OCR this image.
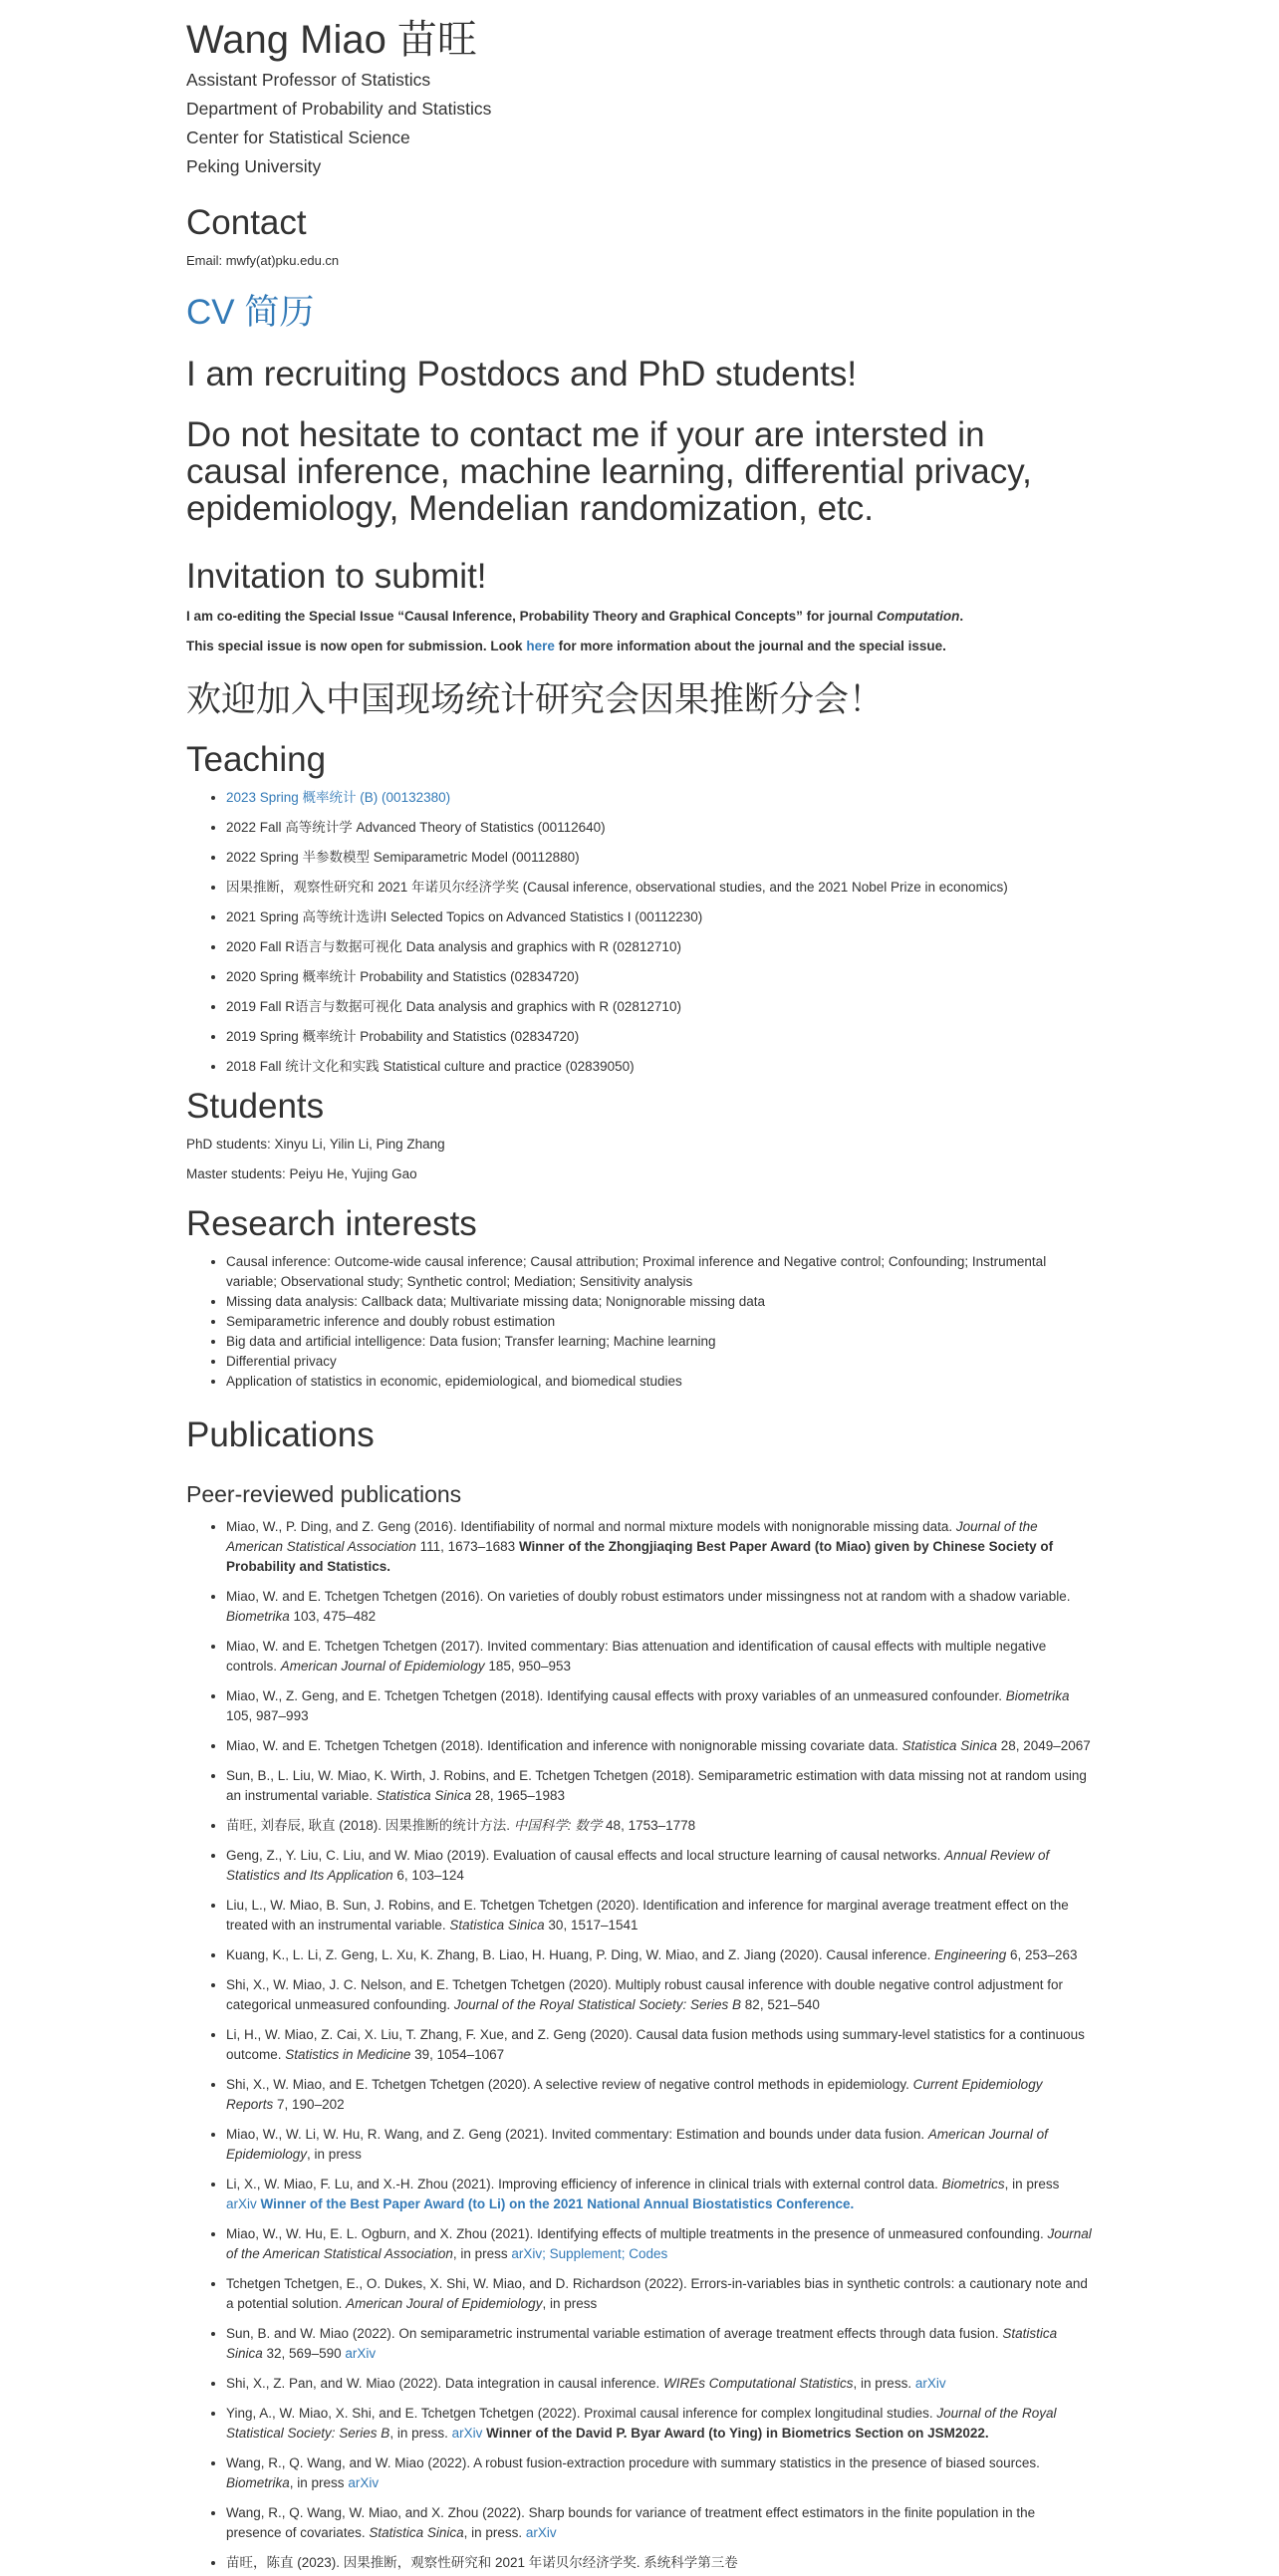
Wang Miao 苗旺

Assistant Professor of Statistics

Department of Probability and Statistics

Center for Statistical Science

Peking University

Contact

Email: mwfy(at)pku.edu.cn

CV 简历
I am recruiting Postdocs and PhD students!
Do not hesitate to contact me if your are intersted in causal inference, machine learning, differential privacy, epidemiology, Mendelian randomization, etc.
Invitation to submit!

I am co-editing the Special Issue “Causal Inference, Probability Theory and Graphical Concepts” for journal Computation.

This special issue is now open for submission. Look here for more information about the journal and the special issue.

欢迎加入中国现场统计研究会因果推断分会！
Teaching
• 2023 Spring 概率统计 (B) (00132380)
• 2022 Fall 高等统计学 Advanced Theory of Statistics (00112640)
• 2022 Spring 半参数模型 Semiparametric Model (00112880)
• 因果推断，观察性研究和 2021 年诺贝尔经济学奖 (Causal inference, observational studies, and the 2021 Nobel Prize in economics)
• 2021 Spring 高等统计选讲I Selected Topics on Advanced Statistics I (00112230)
• 2020 Fall R语言与数据可视化 Data analysis and graphics with R (02812710)
• 2020 Spring 概率统计 Probability and Statistics (02834720)
• 2019 Fall R语言与数据可视化 Data analysis and graphics with R (02812710)
• 2019 Spring 概率统计 Probability and Statistics (02834720)
• 2018 Fall 统计文化和实践 Statistical culture and practice (02839050)
Students

PhD students: Xinyu Li, Yilin Li, Ping Zhang

Master students: Peiyu He, Yujing Gao

Research interests
• Causal inference: Outcome-wide causal inference; Causal attribution; Proximal inference and Negative control; Confounding; Instrumental variable; Observational study; Synthetic control; Mediation; Sensitivity analysis
• Missing data analysis: Callback data; Multivariate missing data; Nonignorable missing data
• Semiparametric inference and doubly robust estimation
• Big data and artificial intelligence: Data fusion; Transfer learning; Machine learning
• Differential privacy
• Application of statistics in economic, epidemiological, and biomedical studies
Publications
Peer-reviewed publications
• Miao, W., P. Ding, and Z. Geng (2016). Identifiability of normal and normal mixture models with nonignorable missing data. Journal of the American Statistical Association 111, 1673–1683 Winner of the Zhongjiaqing Best Paper Award (to Miao) given by Chinese Society of Probability and Statistics.
• Miao, W. and E. Tchetgen Tchetgen (2016). On varieties of doubly robust estimators under missingness not at random with a shadow variable. Biometrika 103, 475–482
• Miao, W. and E. Tchetgen Tchetgen (2017). Invited commentary: Bias attenuation and identification of causal effects with multiple negative controls. American Journal of Epidemiology 185, 950–953
• Miao, W., Z. Geng, and E. Tchetgen Tchetgen (2018). Identifying causal effects with proxy variables of an unmeasured confounder. Biometrika 105, 987–993
• Miao, W. and E. Tchetgen Tchetgen (2018). Identification and inference with nonignorable missing covariate data. Statistica Sinica 28, 2049–2067
• Sun, B., L. Liu, W. Miao, K. Wirth, J. Robins, and E. Tchetgen Tchetgen (2018). Semiparametric estimation with data missing not at random using an instrumental variable. Statistica Sinica 28, 1965–1983
• 苗旺, 刘春辰, 耿直 (2018). 因果推断的统计方法. 中国科学: 数学 48, 1753–1778
• Geng, Z., Y. Liu, C. Liu, and W. Miao (2019). Evaluation of causal effects and local structure learning of causal networks. Annual Review of Statistics and Its Application 6, 103–124
• Liu, L., W. Miao, B. Sun, J. Robins, and E. Tchetgen Tchetgen (2020). Identification and inference for marginal average treatment effect on the treated with an instrumental variable. Statistica Sinica 30, 1517–1541
• Kuang, K., L. Li, Z. Geng, L. Xu, K. Zhang, B. Liao, H. Huang, P. Ding, W. Miao, and Z. Jiang (2020). Causal inference. Engineering 6, 253–263
• Shi, X., W. Miao, J. C. Nelson, and E. Tchetgen Tchetgen (2020). Multiply robust causal inference with double negative control adjustment for categorical unmeasured confounding. Journal of the Royal Statistical Society: Series B 82, 521–540
• Li, H., W. Miao, Z. Cai, X. Liu, T. Zhang, F. Xue, and Z. Geng (2020). Causal data fusion methods using summary-level statistics for a continuous outcome. Statistics in Medicine 39, 1054–1067
• Shi, X., W. Miao, and E. Tchetgen Tchetgen (2020). A selective review of negative control methods in epidemiology. Current Epidemiology Reports 7, 190–202
• Miao, W., W. Li, W. Hu, R. Wang, and Z. Geng (2021). Invited commentary: Estimation and bounds under data fusion. American Journal of Epidemiology, in press
• Li, X., W. Miao, F. Lu, and X.-H. Zhou (2021). Improving efficiency of inference in clinical trials with external control data. Biometrics, in press arXiv Winner of the Best Paper Award (to Li) on the 2021 National Annual Biostatistics Conference.
• Miao, W., W. Hu, E. L. Ogburn, and X. Zhou (2021). Identifying effects of multiple treatments in the presence of unmeasured confounding. Journal of the American Statistical Association, in press arXiv; Supplement; Codes
• Tchetgen Tchetgen, E., O. Dukes, X. Shi, W. Miao, and D. Richardson (2022). Errors-in-variables bias in synthetic controls: a cautionary note and a potential solution. American Joural of Epidemiology, in press
• Sun, B. and W. Miao (2022). On semiparametric instrumental variable estimation of average treatment effects through data fusion. Statistica Sinica 32, 569–590 arXiv
• Shi, X., Z. Pan, and W. Miao (2022). Data integration in causal inference. WIREs Computational Statistics, in press. arXiv
• Ying, A., W. Miao, X. Shi, and E. Tchetgen Tchetgen (2022). Proximal causal inference for complex longitudinal studies. Journal of the Royal Statistical Society: Series B, in press. arXiv Winner of the David P. Byar Award (to Ying) in Biometrics Section on JSM2022.
• Wang, R., Q. Wang, and W. Miao (2022). A robust fusion-extraction procedure with summary statistics in the presence of biased sources. Biometrika, in press arXiv
• Wang, R., Q. Wang, W. Miao, and X. Zhou (2022). Sharp bounds for variance of treatment effect estimators in the finite population in the presence of covariates. Statistica Sinica, in press. arXiv
• 苗旺，陈直 (2023). 因果推断，观察性研究和 2021 年诺贝尔经济学奖. 系统科学第三卷
